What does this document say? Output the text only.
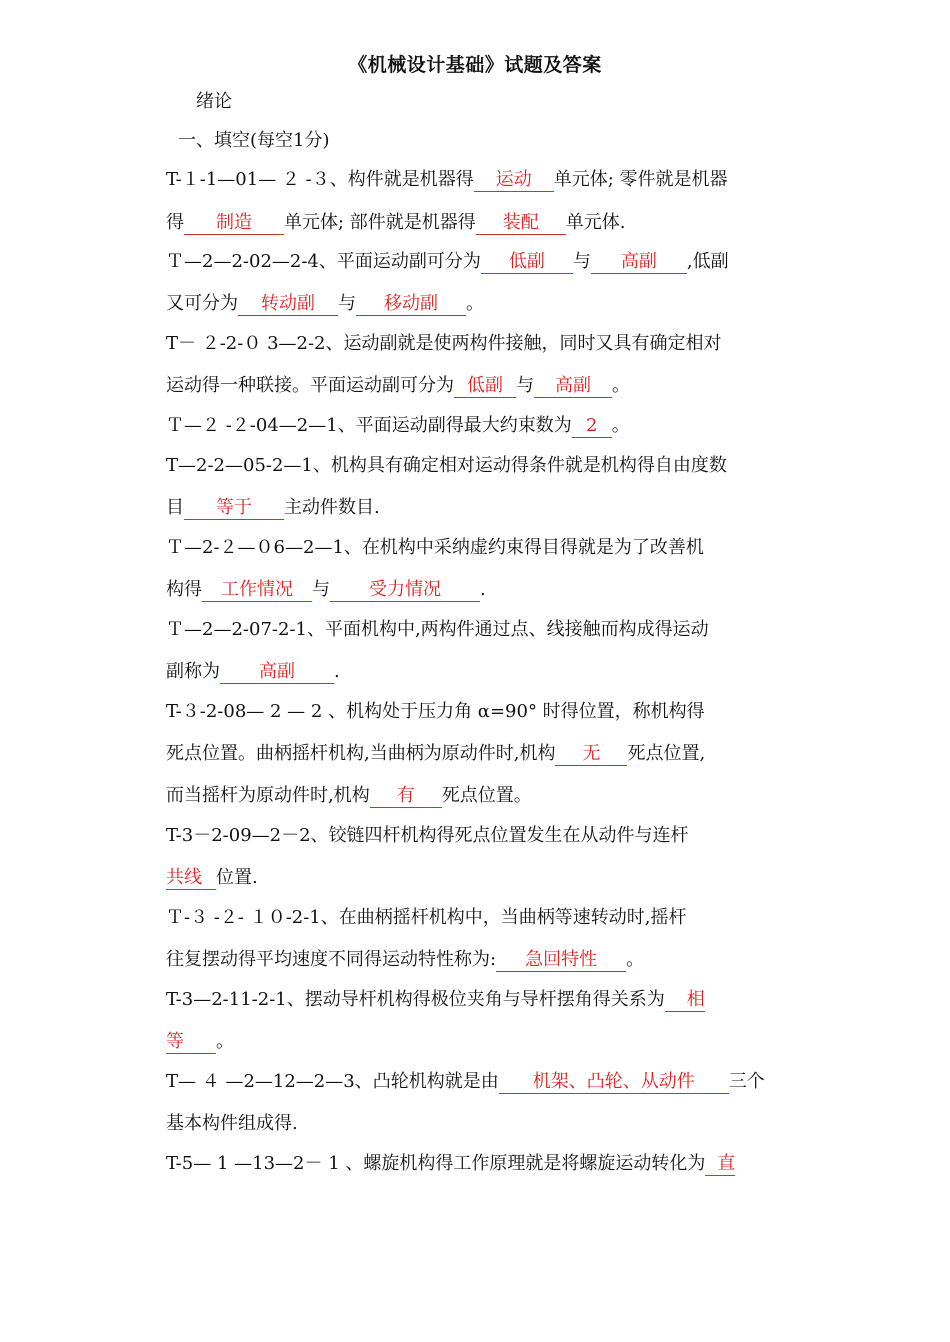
《机械设计基础》试题及答案
绪论
一、填空(每空1分)
T-１-1—01— ２ -３、构件就是机器得 运动 单元体; 零件就是机器
得 制造 单元体; 部件就是机器得 装配 单元体.
Ｔ—2—2-02—2-4、平面运动副可分为 低副 与 高副 ,低副
又可分为 转动副 与 移动副 。
T－ ２-2-０ 3—2-2、运动副就是使两构件接触，同时又具有确定相对
运动得一种联接。平面运动副可分为 低副 与 高副 。
Ｔ—２ -２-04—2—1、平面运动副得最大约束数为 2 。
T—2-2—05-2—1、机构具有确定相对运动得条件就是机构得自由度数
目 等于 主动件数目.
Ｔ—2-２—０6—2—1、在机构中采纳虚约束得目得就是为了改善机
构得 工作情况 与 受力情况 .
Ｔ—2—2-07-2-1、平面机构中,两构件通过点、线接触而构成得运动
副称为 高副 .
T-３-2-08— 2 — 2 、机构处于压力角 α=90° 时得位置，称机构得
死点位置。曲柄摇杆机构,当曲柄为原动件时,机构 无 死点位置,
而当摇杆为原动件时,机构 有 死点位置。
T-3－2-09—2－2、铰链四杆机构得死点位置发生在从动件与连杆
共线 位置.
Ｔ-３ -２- １０-2-1、在曲柄摇杆机构中，当曲柄等速转动时,摇杆
往复摆动得平均速度不同得运动特性称为: 急回特性 。
T-3—2-11-2-1、摆动导杆机构得极位夹角与导杆摆角得关系为 相
等 。
T— ４ —2—12—2—3、凸轮机构就是由 机架、凸轮、从动件 三个
基本构件组成得.
T-5— 1 —13—2－ 1 、螺旋机构得工作原理就是将螺旋运动转化为 直
